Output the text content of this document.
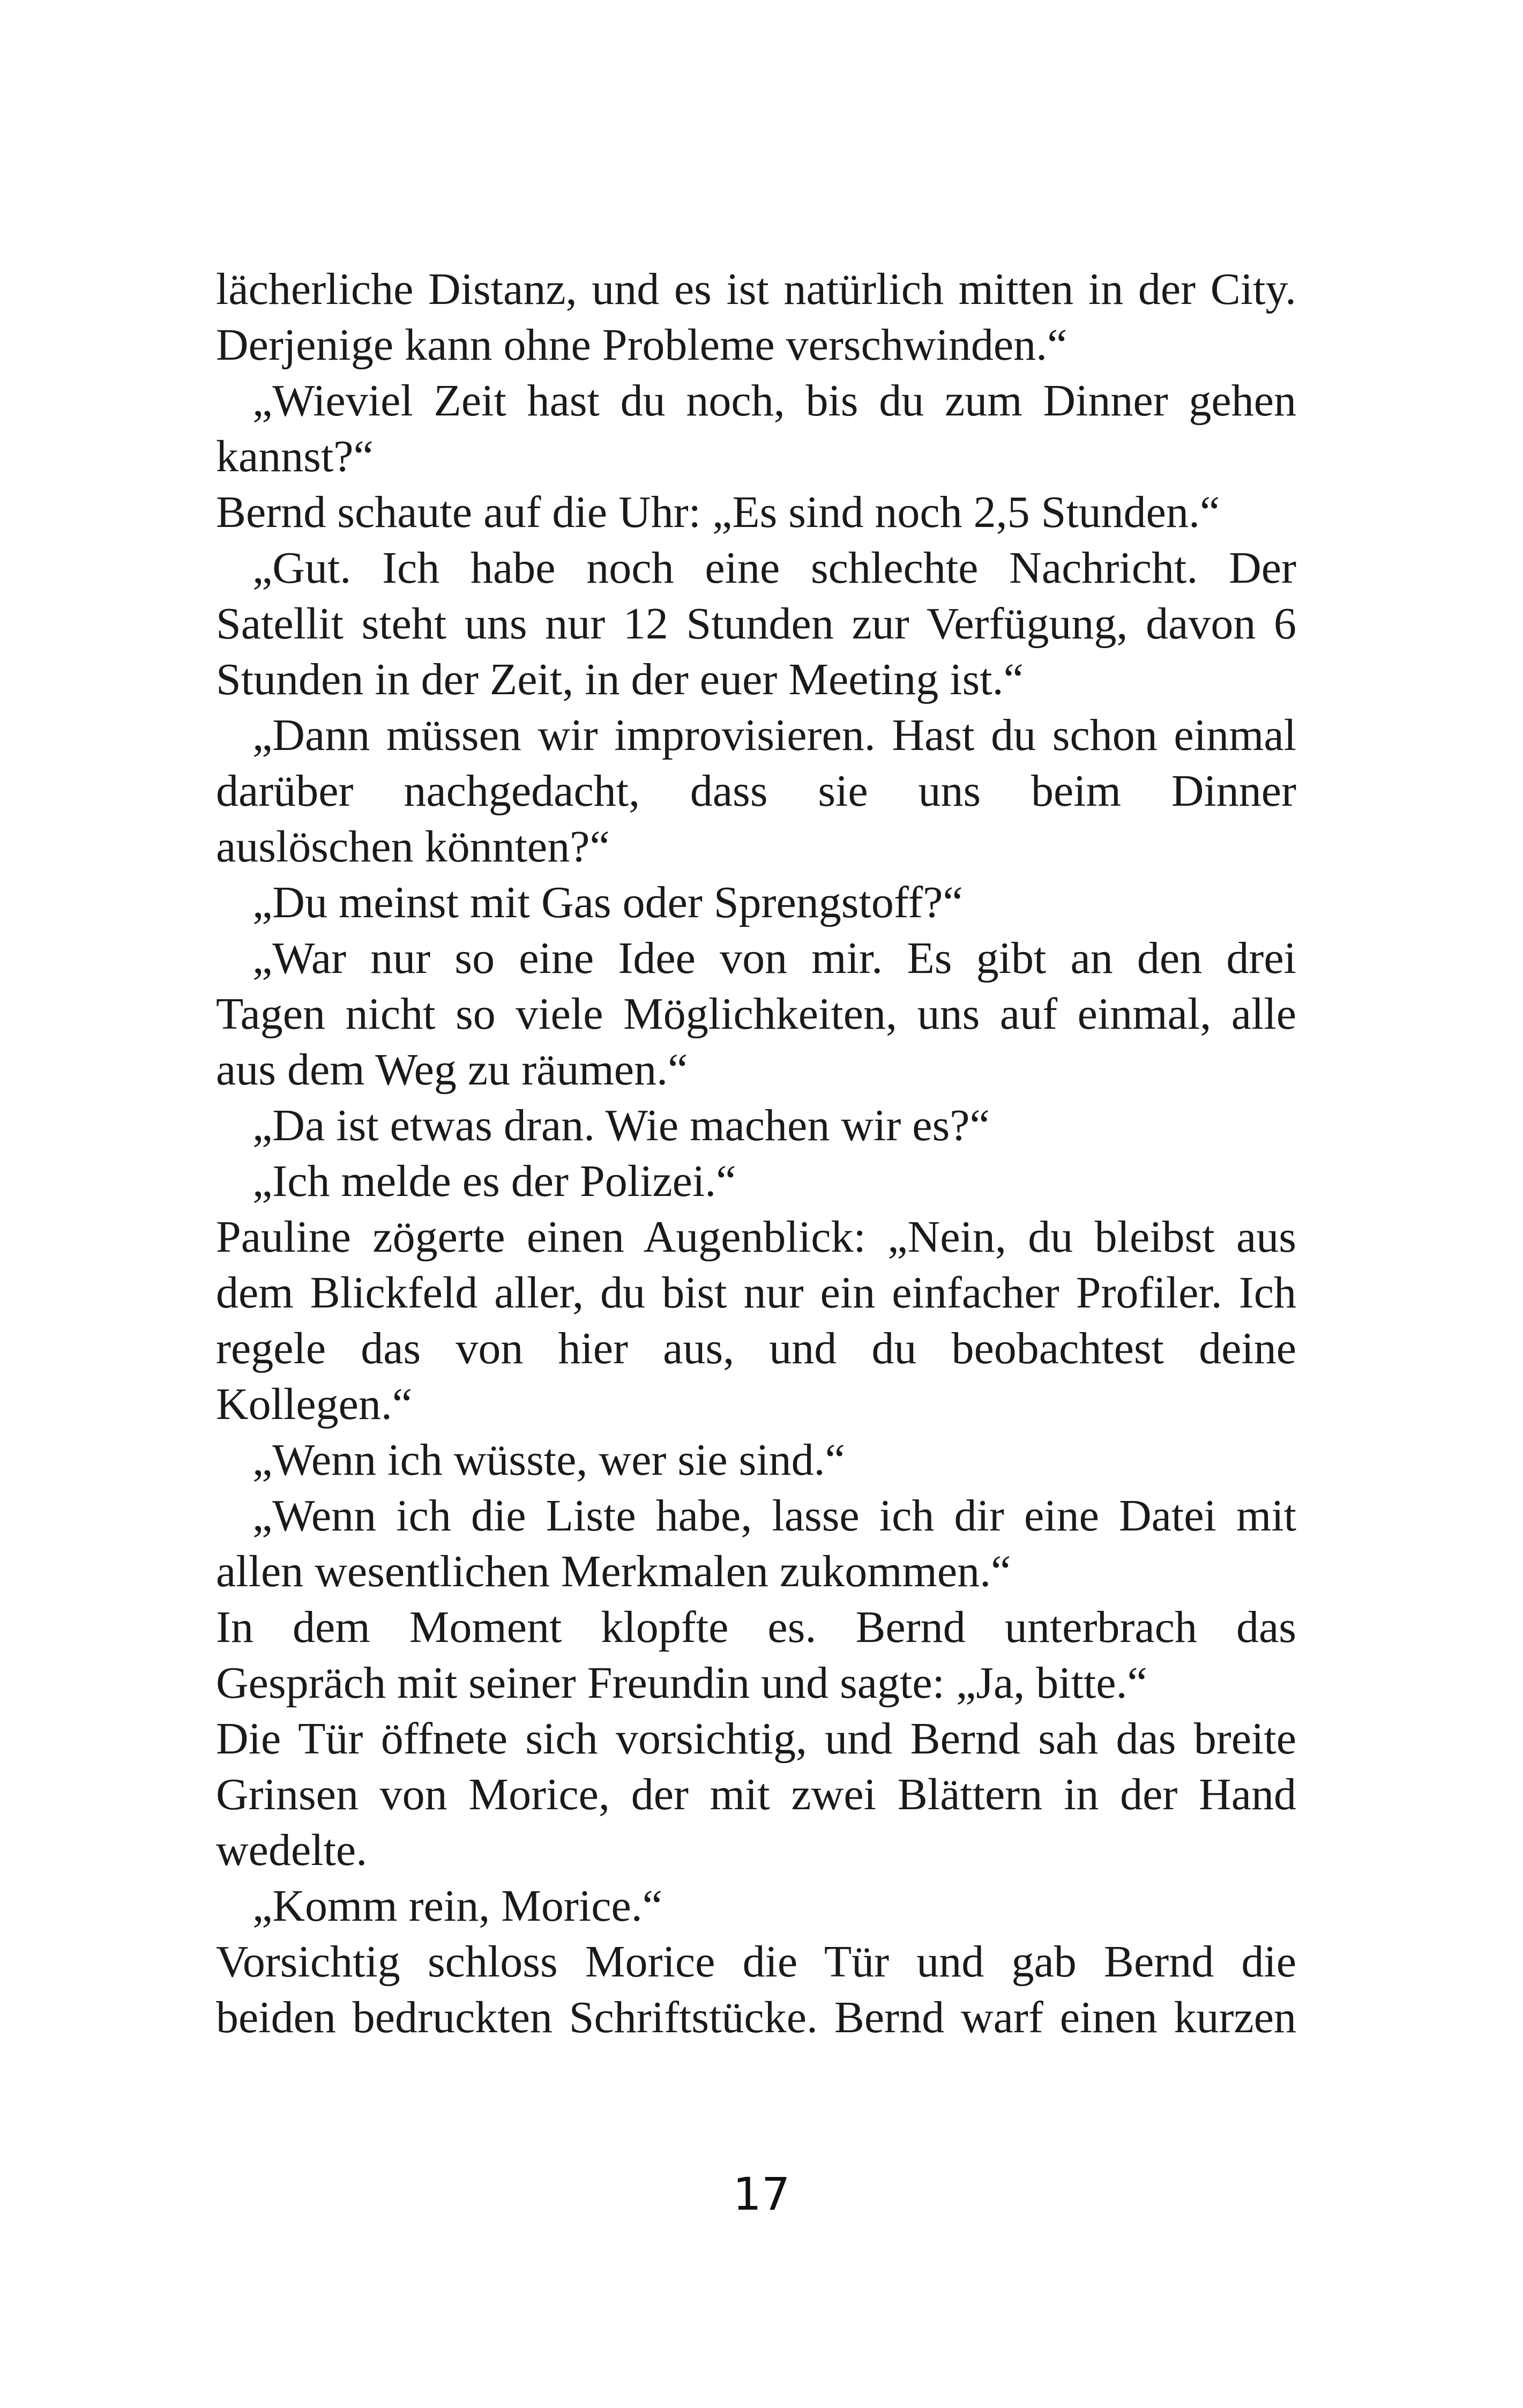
lächerliche Distanz, und es ist natürlich mitten in der City.
Derjenige kann ohne Probleme verschwinden.“
„Wieviel Zeit hast du noch, bis du zum Dinner gehen
kannst?“
Bernd schaute auf die Uhr: „Es sind noch 2,5 Stunden.“
„Gut. Ich habe noch eine schlechte Nachricht. Der
Satellit steht uns nur 12 Stunden zur Verfügung, davon 6
Stunden in der Zeit, in der euer Meeting ist.“
„Dann müssen wir improvisieren. Hast du schon einmal
darüber nachgedacht, dass sie uns beim Dinner
auslöschen könnten?“
„Du meinst mit Gas oder Sprengstoff?“
„War nur so eine Idee von mir. Es gibt an den drei
Tagen nicht so viele Möglichkeiten, uns auf einmal, alle
aus dem Weg zu räumen.“
„Da ist etwas dran. Wie machen wir es?“
„Ich melde es der Polizei.“
Pauline zögerte einen Augenblick: „Nein, du bleibst aus
dem Blickfeld aller, du bist nur ein einfacher Profiler. Ich
regele das von hier aus, und du beobachtest deine
Kollegen.“
„Wenn ich wüsste, wer sie sind.“
„Wenn ich die Liste habe, lasse ich dir eine Datei mit
allen wesentlichen Merkmalen zukommen.“
In dem Moment klopfte es. Bernd unterbrach das
Gespräch mit seiner Freundin und sagte: „Ja, bitte.“
Die Tür öffnete sich vorsichtig, und Bernd sah das breite
Grinsen von Morice, der mit zwei Blättern in der Hand
wedelte.
„Komm rein, Morice.“
Vorsichtig schloss Morice die Tür und gab Bernd die
beiden bedruckten Schriftstücke. Bernd warf einen kurzen
17
